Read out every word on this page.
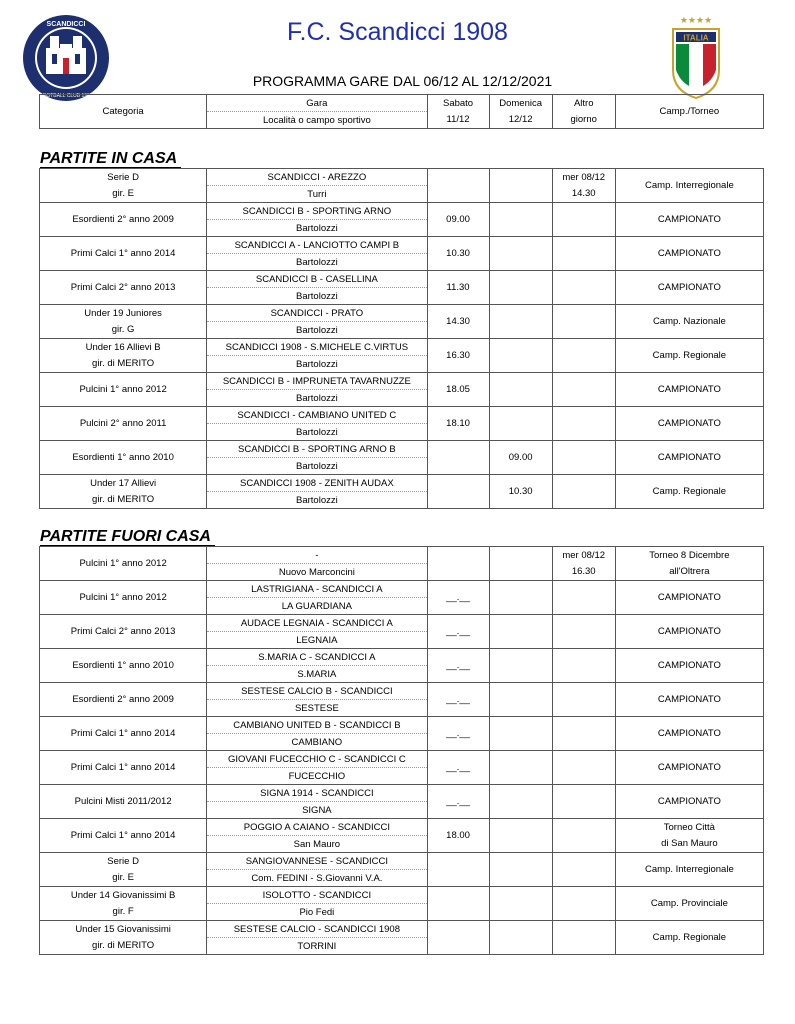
SCANDICCI
FOOTBALL CLUB 1908
★★★★
ITALIA
F.C. Scandicci 1908
PROGRAMMA GARE DAL 06/12 AL 12/12/2021
Categoria	Gara	Sabato	Domenica	Altro	Camp./Torneo
	Località o campo sportivo	11/12	12/12	giorno	
PARTITE IN CASA
Serie D	SCANDICCI - AREZZO			mer 08/12	Camp. Interregionale
gir. E	Turri			14.30	
Esordienti 2° anno 2009	SCANDICCI B - SPORTING ARNO	09.00			CAMPIONATO
	Bartolozzi				
Primi Calci 1° anno 2014	SCANDICCI A - LANCIOTTO CAMPI B	10.30			CAMPIONATO
	Bartolozzi				
Primi Calci 2° anno 2013	SCANDICCI B - CASELLINA	11.30			CAMPIONATO
	Bartolozzi				
Under 19 Juniores	SCANDICCI - PRATO	14.30			Camp. Nazionale
gir. G	Bartolozzi				
Under 16 Allievi B	SCANDICCI 1908 - S.MICHELE C.VIRTUS	16.30			Camp. Regionale
gir. di MERITO	Bartolozzi				
Pulcini 1° anno 2012	SCANDICCI B - IMPRUNETA TAVARNUZZE	18.05			CAMPIONATO
	Bartolozzi				
Pulcini 2° anno 2011	SCANDICCI - CAMBIANO UNITED C	18.10			CAMPIONATO
	Bartolozzi				
Esordienti 1° anno 2010	SCANDICCI B - SPORTING ARNO B		09.00		CAMPIONATO
	Bartolozzi				
Under 17 Allievi	SCANDICCI 1908 - ZENITH AUDAX		10.30		Camp. Regionale
gir. di MERITO	Bartolozzi				
PARTITE FUORI CASA
Pulcini 1° anno 2012	-			mer 08/12	Torneo 8 Dicembre
	Nuovo Marconcini			16.30	all'Oltrera
Pulcini 1° anno 2012	LASTRIGIANA - SCANDICCI A	__.__			CAMPIONATO
	LA GUARDIANA				
Primi Calci 2° anno 2013	AUDACE LEGNAIA - SCANDICCI A	__.__			CAMPIONATO
	LEGNAIA				
Esordienti 1° anno 2010	S.MARIA C - SCANDICCI A	__.__			CAMPIONATO
	S.MARIA				
Esordienti 2° anno 2009	SESTESE CALCIO B - SCANDICCI	__.__			CAMPIONATO
	SESTESE				
Primi Calci 1° anno 2014	CAMBIANO UNITED B - SCANDICCI B	__.__			CAMPIONATO
	CAMBIANO				
Primi Calci 1° anno 2014	GIOVANI FUCECCHIO C - SCANDICCI C	__.__			CAMPIONATO
	FUCECCHIO				
Pulcini Misti 2011/2012	SIGNA 1914 - SCANDICCI	__.__			CAMPIONATO
	SIGNA				
Primi Calci 1° anno 2014	POGGIO A CAIANO - SCANDICCI	18.00			Torneo Città
	San Mauro				di San Mauro
Serie D	SANGIOVANNESE - SCANDICCI				Camp. Interregionale
gir. E	Com. FEDINI - S.Giovanni V.A.				
Under 14 Giovanissimi B	ISOLOTTO - SCANDICCI				Camp. Provinciale
gir. F	Pio Fedi				
Under 15 Giovanissimi	SESTESE CALCIO - SCANDICCI 1908				Camp. Regionale
gir. di MERITO	TORRINI				
